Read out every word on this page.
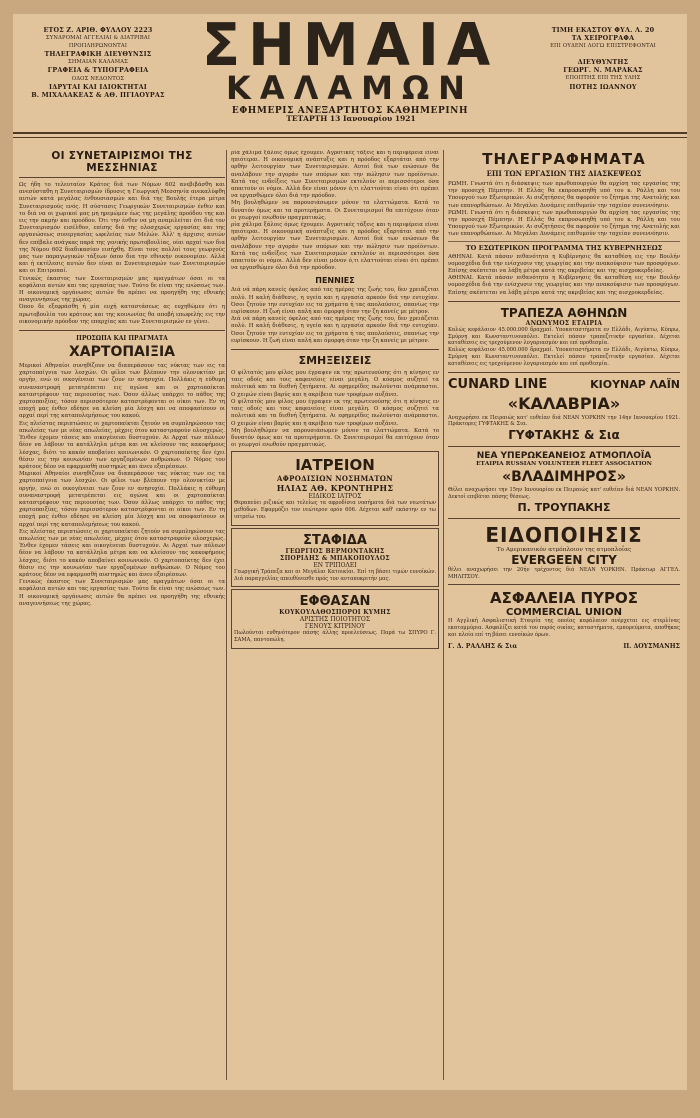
ΕΤΟΣ Ζ. ΑΡΙΘ. ΦΥΛΛΟΥ 2223
ΣΥΝΔΡΟΜΑΙ ΑΓΓΕΛΙΑΙ & ΔΙΑΤΡΙΒΑΙ
ΠΡΟΠΛΗΡΩΝΟΝΤΑΙ
ΤΗΛΕΓΡΑΦΙΚΗ ΔΙΕΥΘΥΝΣΙΣ
ΣΗΜΑΙΑΝ ΚΑΛΑΜΑΣ
ΓΡΑΦΕΙΑ & ΤΥΠΟΓΡΑΦΕΙΑ
ΟΔΟΣ ΝΕΔΟΝΤΟΣ
ΙΔΡΥΤΑΙ ΚΑΙ ΙΔΙΟΚΤΗΤΑΙ
Β. ΜΙΧΑΛΑΚΕΑΣ & ΑΘ. ΠΓΙΑΟΥΡΑΣ
ΣΗΜΑΙΑ
ΚΑΛΑΜΩΝ
ΕΦΗΜΕΡΙΣ ΑΝΕΞΑΡΤΗΤΟΣ ΚΑΘΗΜΕΡΙΝΗ
ΤΙΜΗ ΕΚΑΣΤΟΥ ΦΥΛ. Λ. 20
ΤΑ ΧΕΙΡΟΓΡΑΦΑ
ΕΠΙ ΟΥΔΕΝΙ ΛΟΓΩ ΕΠΙΣΤΡΕΦΟΝΤΑΙ
ΔΙΕΥΘΥΝΤΗΣ
ΓΕΩΡΓ. Ν. ΜΑΡΑΚΑΣ
ΕΠΟΠΤΗΣ ΕΠΙ ΤΗΣ ΥΛΗΣ
ΠΟΤΗΣ ΙΩΑΝΝΟΥ
ΤΕΤΑΡΤΗ 13 Ιανουαρίου 1921
ΟΙ ΣΥΝΕΤΑΙΡΙΣΜΟΙ ΤΗΣ ΜΕΣΣΗΝΙΑΣ

Ως ήδη το τελευταίον Κράτος διά των Νόμων 602 ανεβιβάσθη και ανεσύσταθη η Συνεταιρισμών ίδρυσις η Γεωργική Μεσσηνία ανεκαλύφθη αυτών κατά μεγάλας ένθουσιασμών και διά της Βουλής έτερα μέτρα Συνεταιρισμούς ενός. Η σύστασις Γεωργικών Συνεταιρισμών ένθεν και το διά να οι χωρικοί μας μη ηρεμώμεν έως της μεγάλης προόδου της και εις την ακμήν και προόδου. Ότι την ένθεν να μη αναμιλείται ότι διά τον Συνεταιρισμόν εισέλθον, επίσης διά της ολοσχερώς εργασίας και της οργανώσεως συνεργασίας ωφελείας των Μελών. Άλλ' η άρχισις αυτών δεν επέβαλε ανάγκας παρά της γενικής πρωτοβουλίας, οίαι αρχαί των δια της Νόμου 602 διαδικασίαν εισήχθη. Είναι τους πολλοί τους γεωργούς μας των παραγωγικών τάξεων όσον δια την εθνικήν οικονομίαν. Αλλά και ή εκτέλεσις αυτών δεν είναι αι Συνεταιρισμών των Συνεταιρισμών και οι Επιτροπαί.

Γενικώς έκαστος των Συνεταιρισμών μας πραγμάτων όσαι οι τα κεφάλαια αυτών και τας εργασίας των. Τούτο δε είναι της ενώσεως των. Η οικονομική οργάνωσις αυτών θα πρέπει να προηγήθη της εθνικής αναγεννήσεως της χώρας.

Όπου δε εξεφράσθη ή μία ευχή καταστάσεως ας ευχηθώμεν ότι η πρωτοβουλία του κράτους και της κοινωνίας θα αποβή επωφελής εις την οικονομικήν πρόοδον της επαρχίας και των Συνεταιρισμών εν γένει.

ΠΡΟΣΩΠΑ ΚΑΙ ΠΡΑΓΜΑΤΑ
ΧΑΡΤΟΠΑΙΞΙΑ

Μερικοί Αθηναίοι συνηθίζουν να διαπεράσουν τας νύκτας των εις τα χαρτοπαίγνια των λεσχών. Οι φίλοι των βλέπουν την ολονυκτίαν με οργήν, ενώ οι οικογένειαι των ζουν εν ανησυχία. Πολλάκις η εύθυμη συναναστροφή μετατρέπεται εις αγώνα και οι χαρτοπαίκται καταστρέφουν τας περιουσίας των. Όσον άλλως υπάρχει το πάθος της χαρτοπαιξίας, τόσον περισσότερον καταστρέφονται οι οίκοι των. Εν τη εποχή μας ένθεν εδέησε να κλείση μία λέσχη και να αποφασίσουν οι αρχαί περί της καταπολεμήσεως του κακού.

Εις πλείστας περιπτώσεις οι χαρτοπαίκται ζητούν να συμπληρώσουν τας απωλείας των με νέας απωλείας, μέχρις ότου καταστραφούν ολοσχερώς. Ένθεν έχομεν τάσεις και οικογένειαι δυστυχούν. Αι Αρχαί των πόλεων δέον να λάβουν τα κατάλληλα μέτρα και να κλείσουν τας κακοφήμους λέσχας, διότι το κακόν αποβαίνει κοινωνικόν. Ο χαρτοπαίκτης δεν έχει θέσιν εις την κοινωνίαν των εργαζομένων ανθρώπων. Ο Νόμος του κράτους δέον να εφαρμοσθή αυστηρώς και άνευ εξαιρέσεων.

Μερικοί Αθηναίοι συνηθίζουν να διαπεράσουν τας νύκτας των εις τα χαρτοπαίγνια των λεσχών. Οι φίλοι των βλέπουν την ολονυκτίαν με οργήν, ενώ οι οικογένειαι των ζουν εν ανησυχία. Πολλάκις η εύθυμη συναναστροφή μετατρέπεται εις αγώνα και οι χαρτοπαίκται καταστρέφουν τας περιουσίας των. Όσον άλλως υπάρχει το πάθος της χαρτοπαιξίας, τόσον περισσότερον καταστρέφονται οι οίκοι των. Εν τη εποχή μας ένθεν εδέησε να κλείση μία λέσχη και να αποφασίσουν οι αρχαί περί της καταπολεμήσεως του κακού.

Εις πλείστας περιπτώσεις οι χαρτοπαίκται ζητούν να συμπληρώσουν τας απωλείας των με νέας απωλείας, μέχρις ότου καταστραφούν ολοσχερώς. Ένθεν έχομεν τάσεις και οικογένειαι δυστυχούν. Αι Αρχαί των πόλεων δέον να λάβουν τα κατάλληλα μέτρα και να κλείσουν τας κακοφήμους λέσχας, διότι το κακόν αποβαίνει κοινωνικόν. Ο χαρτοπαίκτης δεν έχει θέσιν εις την κοινωνίαν των εργαζομένων ανθρώπων. Ο Νόμος του κράτους δέον να εφαρμοσθή αυστηρώς και άνευ εξαιρέσεων.

Γενικώς έκαστος των Συνεταιρισμών μας πραγμάτων όσαι οι τα κεφάλαια αυτών και τας εργασίας των. Τούτο δε είναι της ενώσεως των. Η οικονομική οργάνωσις αυτών θα πρέπει να προηγήθη της εθνικής αναγεννήσεως της χώρας.

ρία χάλιμα ξάλοις όμως έχουμεν. Αγροτικές τάξεις και η περιφέρεια είναι ηπιότεραι. Η οικονομική ανάπτυξις και η πρόοδος εξαρτάται από την ορθήν λειτουργίαν των Συνεταιρισμών. Αυτοί διά των ενώσεων θα αναλάβουν την αγοράν των σπόρων και την πώλησιν των προϊόντων. Κατά τας ενδείξεις των Συνεταιρισμών εκτελούν οι περισσότεροι όσα απαιτούν οι νόμοι. Αλλά δεν είναι μόνον ό,τι ελαττούται είναι ότι πρέπει να εργασθώμεν όλοι διά την πρόοδον.

Μη βουληθώμεν να παρουσιάσωμεν μόνον τα ελαττώματα. Κατά το δυνατόν όμως και τα προτερήματα. Οι Συνεταιρισμοί θα επιτύχουν όταν οι γεωργοί ενωθούν πραγματικώς.

ρία χάλιμα ξάλοις όμως έχουμεν. Αγροτικές τάξεις και η περιφέρεια είναι ηπιότεραι. Η οικονομική ανάπτυξις και η πρόοδος εξαρτάται από την ορθήν λειτουργίαν των Συνεταιρισμών. Αυτοί διά των ενώσεων θα αναλάβουν την αγοράν των σπόρων και την πώλησιν των προϊόντων. Κατά τας ενδείξεις των Συνεταιρισμών εκτελούν οι περισσότεροι όσα απαιτούν οι νόμοι. Αλλά δεν είναι μόνον ό,τι ελαττούται είναι ότι πρέπει να εργασθώμεν όλοι διά την πρόοδον.

ΠΕΝΝΙΕΣ

Διά νά πάρη κανείς όφελος από τας ημέρας της ζωής του, δεν χρειάζεται πολύ. Η καλή διάθεσις, η υγεία και η εργασία αρκούν διά την ευτυχίαν. Όσοι ζητούν την ευτυχίαν εις τα χρήματα ή τας απολαύσεις, σπανίως την ευρίσκουν. Η ζωή είναι απλή και όμορφη όταν την ζη κανείς με μέτρον.

Διά νά πάρη κανείς όφελος από τας ημέρας της ζωής του, δεν χρειάζεται πολύ. Η καλή διάθεσις, η υγεία και η εργασία αρκούν διά την ευτυχίαν. Όσοι ζητούν την ευτυχίαν εις τα χρήματα ή τας απολαύσεις, σπανίως την ευρίσκουν. Η ζωή είναι απλή και όμορφη όταν την ζη κανείς με μέτρον.

ΣΜΗΞΕΙΣΕΙΣ

Ο φίλτατός μου φίλος μου έγραψεν εκ της πρωτευούσης ότι η κίνησις εν ταις οδοίς και τοις καφενείοις είναι μεγάλη. Ο κόσμος συζητεί τα πολιτικά και τα διεθνή ζητήματα. Αι εφημερίδες πωλούνται ανάρπαστοι. Ο χειμών είναι βαρύς και η ακρίβεια των τροφίμων αυξάνει.

Ο φίλτατός μου φίλος μου έγραψεν εκ της πρωτευούσης ότι η κίνησις εν ταις οδοίς και τοις καφενείοις είναι μεγάλη. Ο κόσμος συζητεί τα πολιτικά και τα διεθνή ζητήματα. Αι εφημερίδες πωλούνται ανάρπαστοι. Ο χειμών είναι βαρύς και η ακρίβεια των τροφίμων αυξάνει.

Μη βουληθώμεν να παρουσιάσωμεν μόνον τα ελαττώματα. Κατά το δυνατόν όμως και τα προτερήματα. Οι Συνεταιρισμοί θα επιτύχουν όταν οι γεωργοί ενωθούν πραγματικώς.

ΙΑΤΡΕΙΟΝ
ΑΦΡΟΔΙΣΙΩΝ ΝΟΣΗΜΑΤΩΝ
ΗΛΙΑΣ ΑΘ. ΚΡΟΝΤΗΡΗΣ
ΕΙΔΙΚΟΣ ΙΑΤΡΟΣ

Θεραπεύει ριζικώς και τελείως τα αφροδίσια νοσήματα διά των νεωτάτων μεθόδων. Εφαρμόζει τον νεώτερον ορόν 606. Δέχεται καθ' εκάστην εν τω ιατρείω του.

ΣΤΑΦΙΔΑ
ΓΕΩΡΓΙΟΣ ΒΕΡΜΟΝΤΑΚΗΣ
ΣΠΟΡΙΔΗΣ & ΜΠΑΚΟΠΟΥΛΟΣ
ΕΝ ΤΡΙΠΟΛΕΙ

Γεωργική Τράπεζα και αι Μεγάλαι Κατοικίαι. Επί τη βάσει τιμών ευνοϊκών. Διά παραγγελίας απευθύνεσθε πρός τον ανταποκριτήν μας.

ΕΦΘΑΣΑΝ
ΚΟΥΚΟΥΛΑΘΟΣΠΟΡΟΙ ΚΥΜΗΣ
ΑΡΙΣΤΗΣ ΠΟΙΟΤΗΤΟΣ
ΓΕΝΟΥΣ ΚΙΤΡΙΝΟΥ

Πωλούνται ευθηνότερον πάσης άλλης προελεύσεως. Παρά τω ΣΠΥΡΟ Γ. ΣΑΜΑ, παντοπώλη.

ΤΗΛΕΓΡΑΦΗΜΑΤΑ
ΕΠΙ ΤΩΝ ΕΡΓΑΣΙΩΝ ΤΗΣ ΔΙΑΣΚΕΨΕΩΣ

ΡΩΜΗ. Γνωστά ότι η διάσκεψις των πρωθυπουργών θα αρχίση τας εργασίας της την προσεχή Πέμπτην. Η Ελλάς θα εκπροσωπηθή υπό του κ. Ράλλη και του Υπουργού των Εξωτερικών. Αι συζητήσεις θα αφορούν το ζήτημα της Ανατολής και των επανορθώσεων. Αι Μεγάλαι Δυνάμεις επιθυμούν την ταχείαν συνεννόησιν.

ΡΩΜΗ. Γνωστά ότι η διάσκεψις των πρωθυπουργών θα αρχίση τας εργασίας της την προσεχή Πέμπτην. Η Ελλάς θα εκπροσωπηθή υπό του κ. Ράλλη και του Υπουργού των Εξωτερικών. Αι συζητήσεις θα αφορούν το ζήτημα της Ανατολής και των επανορθώσεων. Αι Μεγάλαι Δυνάμεις επιθυμούν την ταχείαν συνεννόησιν.

ΤΟ ΕΣΩΤΕΡΙΚΟΝ ΠΡΟΓΡΑΜΜΑ ΤΗΣ ΚΥΒΕΡΝΗΣΕΩΣ

ΑΘΗΝΑΙ. Κατά πάσαν πιθανότητα η Κυβέρνησις θα καταθέση εις την Βουλήν νομοσχέδια διά την ενίσχυσιν της γεωργίας και την ανακούφισιν των προσφύγων. Επίσης σκέπτεται να λάβη μέτρα κατά της ακριβείας και της αισχροκερδείας.

ΑΘΗΝΑΙ. Κατά πάσαν πιθανότητα η Κυβέρνησις θα καταθέση εις την Βουλήν νομοσχέδια διά την ενίσχυσιν της γεωργίας και την ανακούφισιν των προσφύγων. Επίσης σκέπτεται να λάβη μέτρα κατά της ακριβείας και της αισχροκερδείας.

ΤΡΑΠΕΖΑ ΑΘΗΝΩΝ
ΑΝΩΝΥΜΟΣ ΕΤΑΙΡΙΑ

Καλώς κεφάλαιον 45.000.000 δραχμαί. Υποκαταστήματα εν Ελλάδι, Αιγύπτω, Κύπρω, Σμύρνη και Κωνσταντινουπόλει. Εκτελεί πάσαν τραπεζιτικήν εργασίαν. Δέχεται καταθέσεις εις τρεχούμενον λογαριασμόν και επί προθεσμία.

Καλώς κεφάλαιον 45.000.000 δραχμαί. Υποκαταστήματα εν Ελλάδι, Αιγύπτω, Κύπρω, Σμύρνη και Κωνσταντινουπόλει. Εκτελεί πάσαν τραπεζιτικήν εργασίαν. Δέχεται καταθέσεις εις τρεχούμενον λογαριασμόν και επί προθεσμία.

CUNARD LINE	ΚΙΟΥΝΑΡ ΛΑΪΝ
«ΚΑΛΑΒΡΙΑ»

Αναχωρήσει εκ Πειραιώς κατ' ευθείαν διά ΝΕΑΝ ΥΟΡΚΗΝ την 14ην Ιανουαρίου 1921. Πράκτορες ΓΥΦΤΑΚΗΣ & Σια.

ΓΥΦΤΑΚΗΣ & Σια
ΝΕΑ ΥΠΕΡΩΚΕΑΝΕΙΟΣ ΑΤΜΟΠΛΟΪΑ
ΕΤΑΙΡΙΑ RUSSIAN VOLUNTEER FLEET ASSOCIATION
«ΒΛΑΔΙΜΗΡΟΣ»

Θέλει αναχωρήσει την 15ην Ιανουαρίου εκ Πειραιώς κατ' ευθείαν διά ΝΕΑΝ ΥΟΡΚΗΝ. Δεκτοί επιβάται πάσης θέσεως.

Π. ΤΡΟΥΠΑΚΗΣ
ΕΙΔΟΠΟΙΗΣΙΣ
Το Αμερικανικόν ατμόπλοιον της ατμοπλοΐας
EVERGEEN CITY

θέλει αναχωρήσει την 20ήν τρέχοντος διά ΝΕΑΝ ΥΟΡΚΗΝ. Πράκτωρ ΑΓΓΕΛ. ΜΗΛΙΤΣΟΥ.

ΑΣΦΑΛΕΙΑ ΠΥΡΟΣ
COMMERCIAL UNION

Η Αγγλική Ασφαλιστική Εταιρία της οποίας κεφάλαιον ανέρχεται εις στερλίνας εκατομμύρια. Ασφαλίζει κατά του πυρός οικίας, καταστήματα, εμπορεύματα, αποθήκας και πλοία επί τη βάσει ευνοϊκών όρων.

Γ. Δ. ΡΑΛΛΗΣ & Σια	Π. ΔΟΥΣΜΑΝΗΣ
